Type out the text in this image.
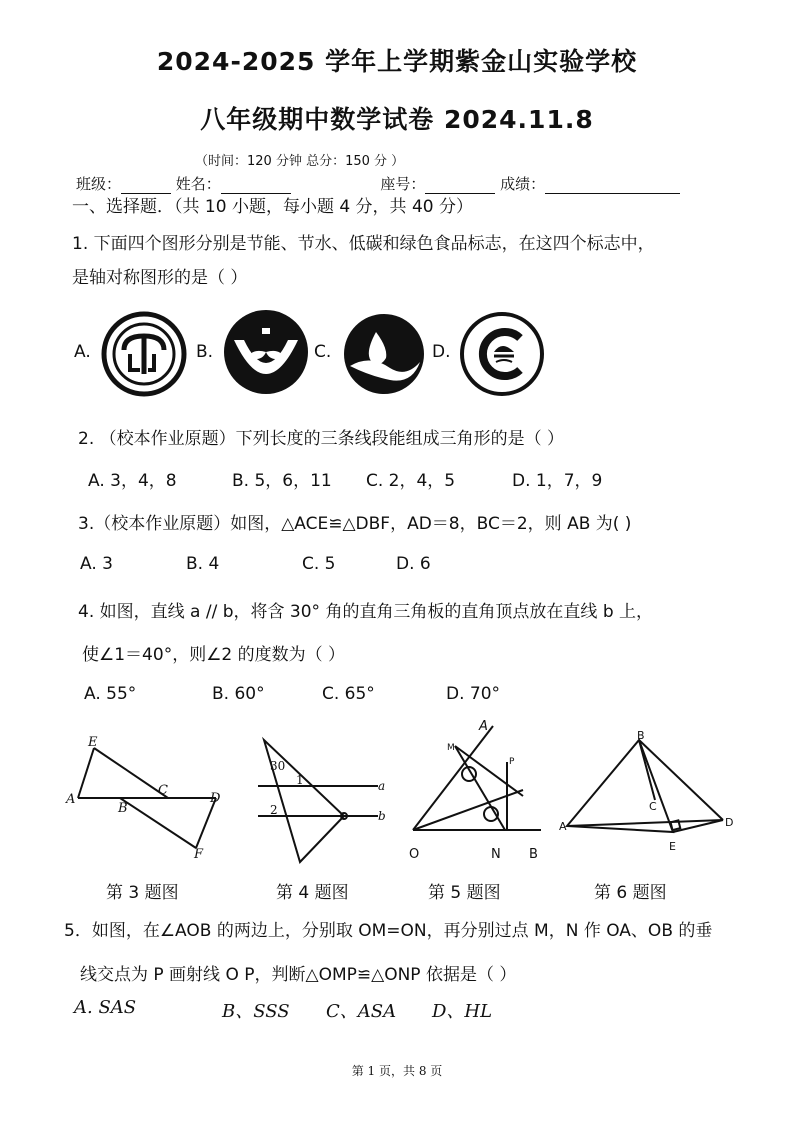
2024-2025 学年上学期紫金山实验学校
八年级期中数学试卷 2024.11.8
（时间：120 分钟 总分：150 分 ）
班级：	姓名：	座号：	成绩：
一、选择题．（共 10 小题，每小题 4 分，共 40 分）
1. 下面四个图形分别是节能、节水、低碳和绿色食品标志，在这四个标志中，
是轴对称图形的是（ ）
A.	B.	C.	D.
2. （校本作业原题）下列长度的三条线段能组成三角形的是（ ）
A. 3，4，8	B. 5，6，11 C. 2，4，5	D. 1，7，9
3.（校本作业原题）如图，△ACE≌△DBF，AD＝8，BC＝2，则 AB 为( )
A. 3	B. 4	C. 5	D. 6
4. 如图，直线 a // b，将含 30° 角的直角三角板的直角顶点放在直线 b 上，
使∠1＝40°，则∠2 的度数为（ ）
A. 55°	B. 60°	C. 65°	D. 70°
E
A
B
C
D
F
30
1
2
a
b
A
M
P
O	N B
B
C
A	D
E
第 3 题图	第 4 题图	第 5 题图	第 6 题图
5．如图，在∠AOB 的两边上，分别取 OM=ON，再分别过点 M，N 作 OA、OB 的垂
线交点为 P 画射线 O P，判断△OMP≌△ONP 依据是（ ）
A. SAS	B、SSS C、ASA D、HL
第 1 页，共 8 页
